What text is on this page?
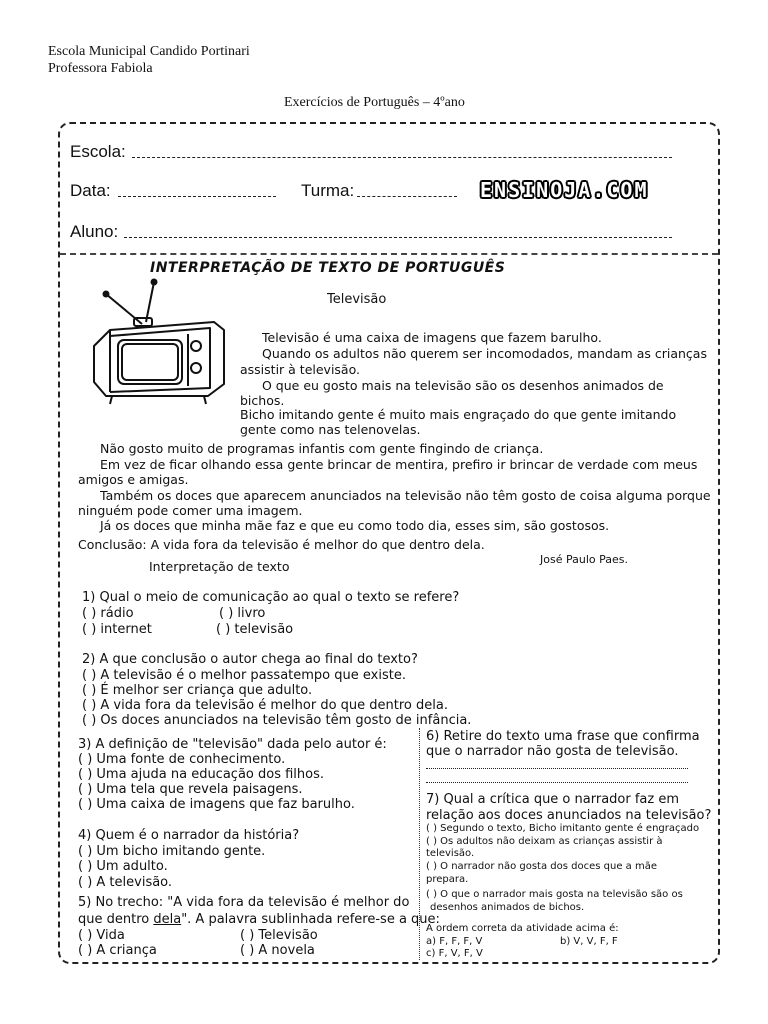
Escola Municipal Candido Portinari
Professora Fabiola
Exercícios de Português – 4ºano
Escola:
Data:	Turma:	ENSINOJA.COM
Aluno:
INTERPRETAÇÃO DE TEXTO DE PORTUGUÊS
Televisão
Televisão é uma caixa de imagens que fazem barulho.
Quando os adultos não querem ser incomodados, mandam as crianças
assistir à televisão.
O que eu gosto mais na televisão são os desenhos animados de
bichos.
Bicho imitando gente é muito mais engraçado do que gente imitando
gente como nas telenovelas.
Não gosto muito de programas infantis com gente fingindo de criança.
Em vez de ficar olhando essa gente brincar de mentira, prefiro ir brincar de verdade com meus
amigos e amigas.
Também os doces que aparecem anunciados na televisão não têm gosto de coisa alguma porque
ninguém pode comer uma imagem.
Já os doces que minha mãe faz e que eu como todo dia, esses sim, são gostosos.
Conclusão: A vida fora da televisão é melhor do que dentro dela.
José Paulo Paes.
Interpretação de texto
1) Qual o meio de comunicação ao qual o texto se refere?
( ) rádio	( ) livro
( ) internet	( ) televisão
2) A que conclusão o autor chega ao final do texto?
( ) A televisão é o melhor passatempo que existe.
( ) É melhor ser criança que adulto.
( ) A vida fora da televisão é melhor do que dentro dela.
( ) Os doces anunciados na televisão têm gosto de infância.
3) A definição de "televisão" dada pelo autor é:
( ) Uma fonte de conhecimento.
( ) Uma ajuda na educação dos filhos.
( ) Uma tela que revela paisagens.
( ) Uma caixa de imagens que faz barulho.
4) Quem é o narrador da história?
( ) Um bicho imitando gente.
( ) Um adulto.
( ) A televisão.
5) No trecho: "A vida fora da televisão é melhor do
que dentro dela". A palavra sublinhada refere-se a que:
( ) Vida	( ) Televisão
( ) A criança	( ) A novela
6) Retire do texto uma frase que confirma
que o narrador não gosta de televisão.
7) Qual a crítica que o narrador faz em
relação aos doces anunciados na televisão?
( ) Segundo o texto, Bicho imitanto gente é engraçado
( ) Os adultos não deixam as crianças assistir à
televisão.
( ) O narrador não gosta dos doces que a mãe
prepara.
( ) O que o narrador mais gosta na televisão são os
desenhos animados de bichos.
A ordem correta da atividade acima é:
a) F, F, F, V	b) V, V, F, F
c) F, V, F, V
